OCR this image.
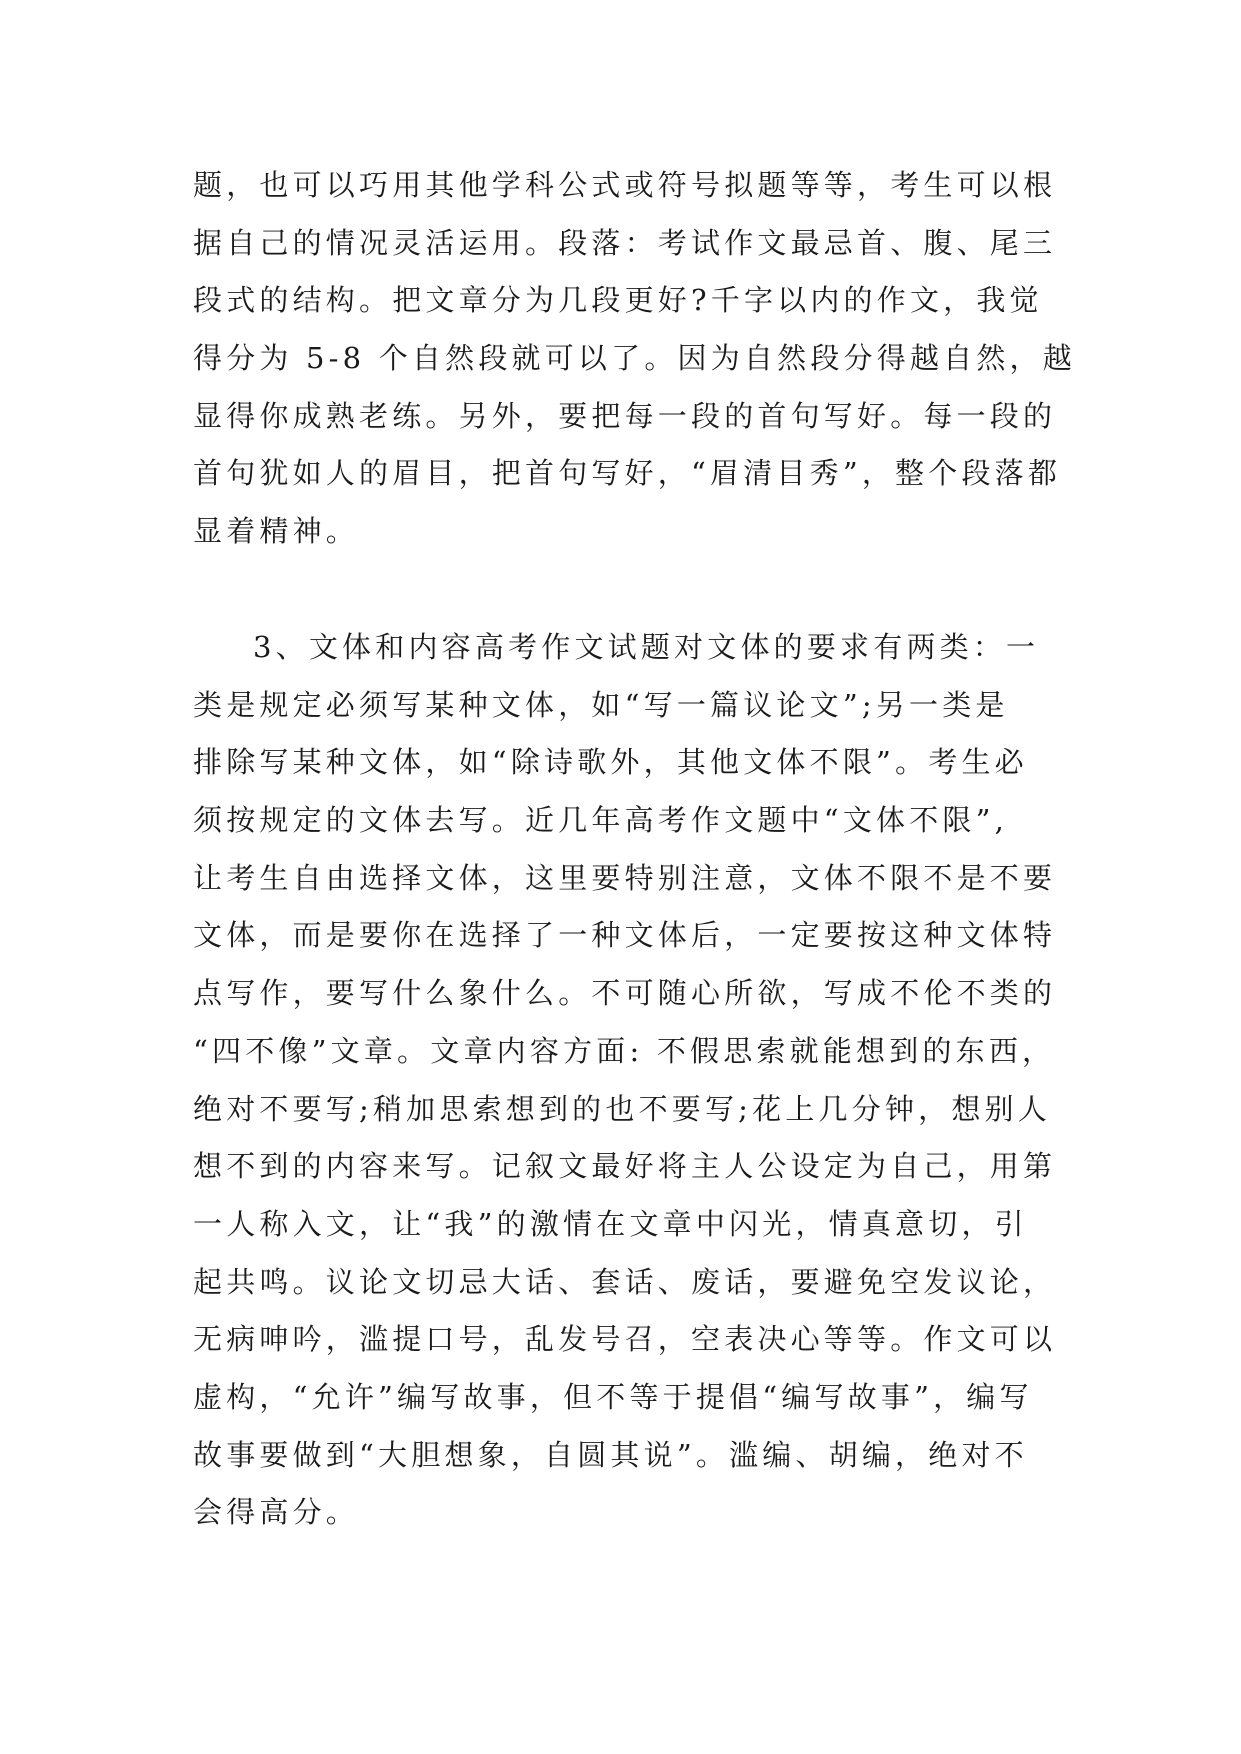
题，也可以巧用其他学科公式或符号拟题等等，考生可以根
据自己的情况灵活运用。段落：考试作文最忌首、腹、尾三
段式的结构。把文章分为几段更好?千字以内的作文，我觉
得分为 5-8 个自然段就可以了。因为自然段分得越自然，越
显得你成熟老练。另外，要把每一段的首句写好。每一段的
首句犹如人的眉目，把首句写好，“眉清目秀”，整个段落都
显着精神。

3、文体和内容高考作文试题对文体的要求有两类：一
类是规定必须写某种文体，如“写一篇议论文”;另一类是
排除写某种文体，如“除诗歌外，其他文体不限”。考生必
须按规定的文体去写。近几年高考作文题中“文体不限”,
让考生自由选择文体，这里要特别注意，文体不限不是不要
文体，而是要你在选择了一种文体后，一定要按这种文体特
点写作，要写什么象什么。不可随心所欲，写成不伦不类的
“四不像”文章。文章内容方面: 不假思索就能想到的东西，
绝对不要写;稍加思索想到的也不要写;花上几分钟，想别人
想不到的内容来写。记叙文最好将主人公设定为自己，用第
一人称入文，让“我”的激情在文章中闪光，情真意切，引
起共鸣。议论文切忌大话、套话、废话，要避免空发议论，
无病呻吟，滥提口号，乱发号召，空表决心等等。作文可以
虚构，“允许”编写故事，但不等于提倡“编写故事”，编写
故事要做到“大胆想象，自圆其说”。滥编、胡编，绝对不
会得高分。
